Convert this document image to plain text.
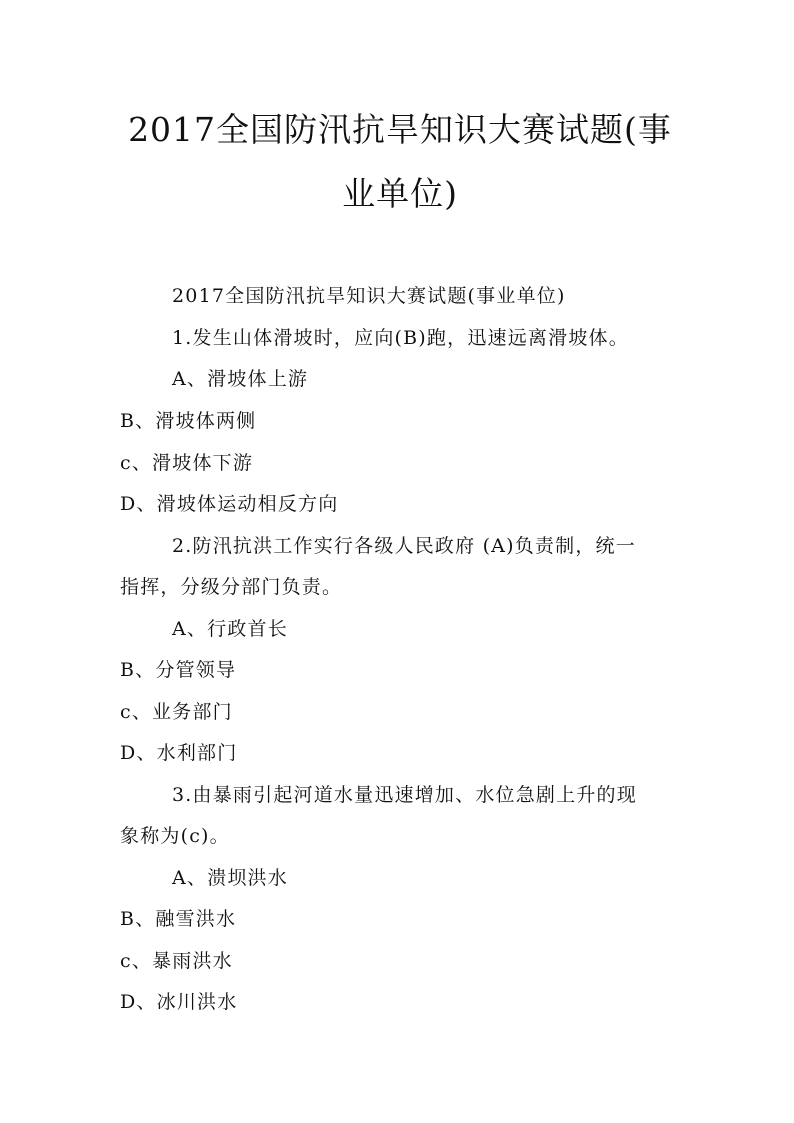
2017全国防汛抗旱知识大赛试题(事业单位)
2017全国防汛抗旱知识大赛试题(事业单位)
1.发生山体滑坡时，应向(B)跑，迅速远离滑坡体。
A、滑坡体上游
B、滑坡体两侧
c、滑坡体下游
D、滑坡体运动相反方向
2.防汛抗洪工作实行各级人民政府 (A)负责制，统一
指挥，分级分部门负责。
A、行政首长
B、分管领导
c、业务部门
D、水利部门
3.由暴雨引起河道水量迅速增加、水位急剧上升的现
象称为(c)。
A、溃坝洪水
B、融雪洪水
c、暴雨洪水
D、冰川洪水
